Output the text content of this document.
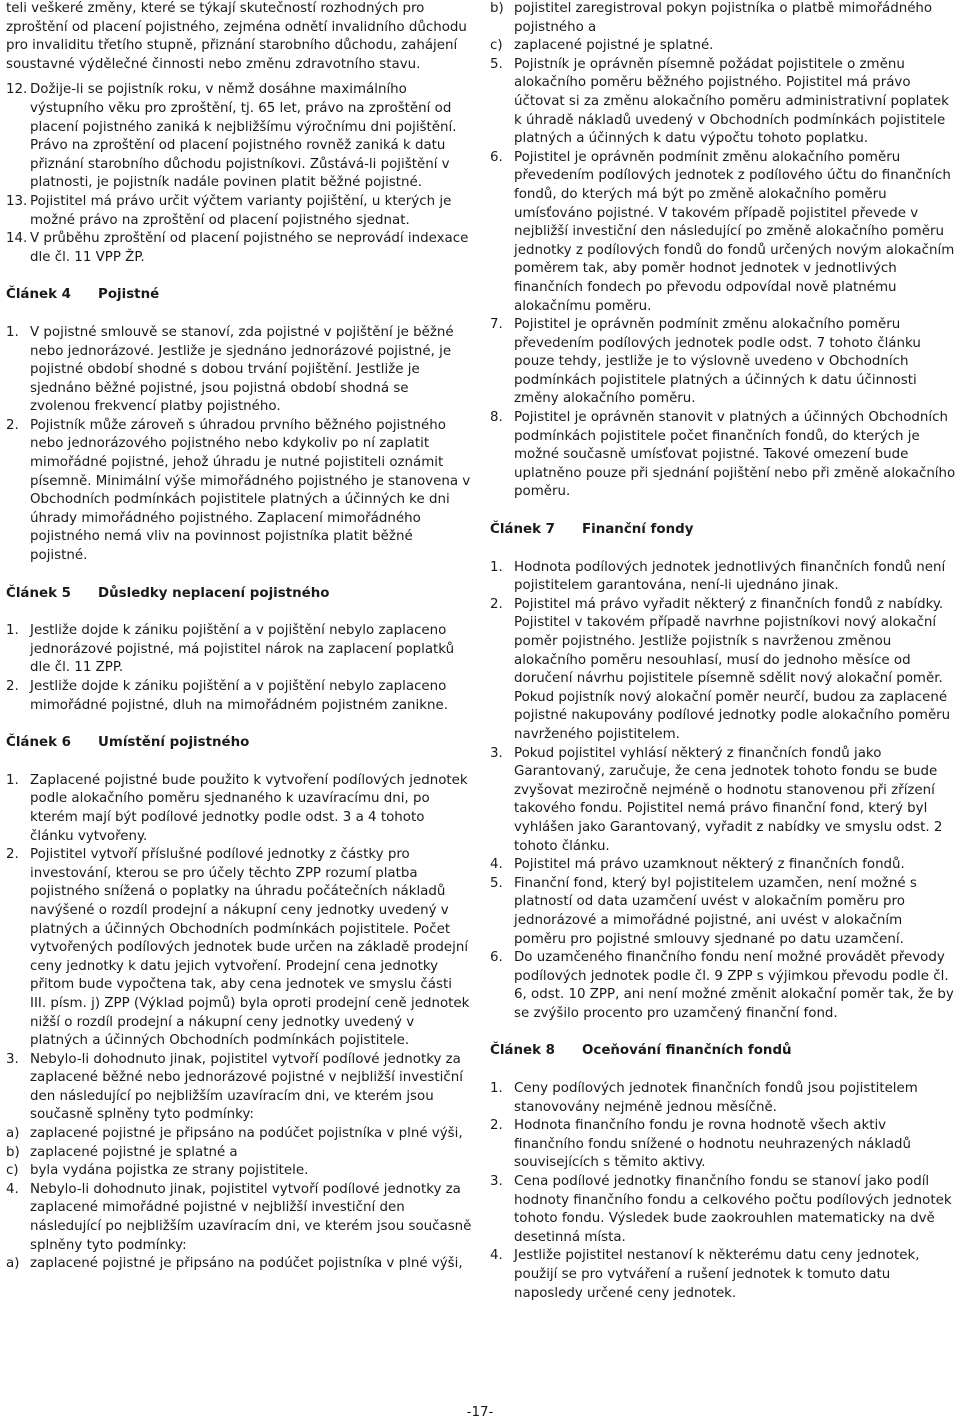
teli veškeré změny, které se týkají skutečností rozhodných pro zproštění od placení pojistného, zejména odnětí invalidního důchodu pro invaliditu třetího stupně, přiznání starobního důchodu, zahájení soustavné výdělečné činnosti nebo změnu zdravotního stavu.

12. Dožije-li se pojistník roku, v němž dosáhne maximálního výstupního věku pro zproštění, tj. 65 let, právo na zproštění od placení pojistného zaniká k nejbližšímu výročnímu dni pojištění. Právo na zproštění od placení pojistného rovněž zaniká k datu přiznání starobního důchodu pojistníkovi. Zůstává-li pojištění v platnosti, je pojistník nadále povinen platit běžné pojistné.
13. Pojistitel má právo určit výčtem varianty pojištění, u kterých je možné právo na zproštění od placení pojistného sjednat.
14. V průběhu zproštění od placení pojistného se neprovádí indexace dle čl. 11 VPP ŽP.
Článek 4	Pojistné
1. V pojistné smlouvě se stanoví, zda pojistné v pojištění je běžné nebo jednorázové. Jestliže je sjednáno jednorázové pojistné, je pojistné období shodné s dobou trvání pojištění. Jestliže je sjednáno běžné pojistné, jsou pojistná období shodná se zvolenou frekvencí platby pojistného.
2. Pojistník může zároveň s úhradou prvního běžného pojistného nebo jednorázového pojistného nebo kdykoliv po ní zaplatit mimořádné pojistné, jehož úhradu je nutné pojistiteli oznámit písemně. Minimální výše mimořádného pojistného je stanovena v Obchodních podmínkách pojistitele platných a účinných ke dni úhrady mimořádného pojistného. Zaplacení mimořádného pojistného nemá vliv na povinnost pojistníka platit běžné pojistné.
Článek 5	Důsledky neplacení pojistného
1. Jestliže dojde k zániku pojištění a v pojištění nebylo zaplaceno jednorázové pojistné, má pojistitel nárok na zaplacení poplatků dle čl. 11 ZPP.
2. Jestliže dojde k zániku pojištění a v pojištění nebylo zaplaceno mimořádné pojistné, dluh na mimořádném pojistném zanikne.
Článek 6	Umístění pojistného
1. Zaplacené pojistné bude použito k vytvoření podílových jednotek podle alokačního poměru sjednaného k uzavíracímu dni, po kterém mají být podílové jednotky podle odst. 3 a 4 tohoto článku vytvořeny.
2. Pojistitel vytvoří příslušné podílové jednotky z částky pro investování, kterou se pro účely těchto ZPP rozumí platba pojistného snížená o poplatky na úhradu počátečních nákladů navýšené o rozdíl prodejní a nákupní ceny jednotky uvedený v platných a účinných Obchodních podmínkách pojistitele. Počet vytvořených podílových jednotek bude určen na základě prodejní ceny jednotky k datu jejich vytvoření. Prodejní cena jednotky přitom bude vypočtena tak, aby cena jednotek ve smyslu části III. písm. j) ZPP (Výklad pojmů) byla oproti prodejní ceně jednotek nižší o rozdíl prodejní a nákupní ceny jednotky uvedený v platných a účinných Obchodních podmínkách pojistitele.
3. Nebylo-li dohodnuto jinak, pojistitel vytvoří podílové jednotky za zaplacené běžné nebo jednorázové pojistné v nejbližší investiční den následující po nejbližším uzavíracím dni, ve kterém jsou současně splněny tyto podmínky:
a) zaplacené pojistné je připsáno na podúčet pojistníka v plné výši,
b) zaplacené pojistné je splatné a
c) byla vydána pojistka ze strany pojistitele.
4. Nebylo-li dohodnuto jinak, pojistitel vytvoří podílové jednotky za zaplacené mimořádné pojistné v nejbližší investiční den následující po nejbližším uzavíracím dni, ve kterém jsou současně splněny tyto podmínky:
a) zaplacené pojistné je připsáno na podúčet pojistníka v plné výši,
b) pojistitel zaregistroval pokyn pojistníka o platbě mimořádného pojistného a
c) zaplacené pojistné je splatné.
5. Pojistník je oprávněn písemně požádat pojistitele o změnu alokačního poměru běžného pojistného. Pojistitel má právo účtovat si za změnu alokačního poměru administrativní poplatek k úhradě nákladů uvedený v Obchodních podmínkách pojistitele platných a účinných k datu výpočtu tohoto poplatku.
6. Pojistitel je oprávněn podmínit změnu alokačního poměru převedením podílových jednotek z podílového účtu do finančních fondů, do kterých má být po změně alokačního poměru umísťováno pojistné. V takovém případě pojistitel převede v nejbližší investiční den následující po změně alokačního poměru jednotky z podílových fondů do fondů určených novým alokačním poměrem tak, aby poměr hodnot jednotek v jednotlivých finančních fondech po převodu odpovídal nově platnému alokačnímu poměru.
7. Pojistitel je oprávněn podmínit změnu alokačního poměru převedením podílových jednotek podle odst. 7 tohoto článku pouze tehdy, jestliže je to výslovně uvedeno v Obchodních podmínkách pojistitele platných a účinných k datu účinnosti změny alokačního poměru.
8. Pojistitel je oprávněn stanovit v platných a účinných Obchodních podmínkách pojistitele počet finančních fondů, do kterých je možné současně umísťovat pojistné. Takové omezení bude uplatněno pouze při sjednání pojištění nebo při změně alokačního poměru.
Článek 7	Finanční fondy
1. Hodnota podílových jednotek jednotlivých finančních fondů není pojistitelem garantována, není-li ujednáno jinak.
2. Pojistitel má právo vyřadit některý z finančních fondů z nabídky. Pojistitel v takovém případě navrhne pojistníkovi nový alokační poměr pojistného. Jestliže pojistník s navrženou změnou alokačního poměru nesouhlasí, musí do jednoho měsíce od doručení návrhu pojistitele písemně sdělit nový alokační poměr. Pokud pojistník nový alokační poměr neurčí, budou za zaplacené pojistné nakupovány podílové jednotky podle alokačního poměru navrženého pojistitelem.
3. Pokud pojistitel vyhlásí některý z finančních fondů jako Garantovaný, zaručuje, že cena jednotek tohoto fondu se bude zvyšovat meziročně nejméně o hodnotu stanovenou při zřízení takového fondu. Pojistitel nemá právo finanční fond, který byl vyhlášen jako Garantovaný, vyřadit z nabídky ve smyslu odst. 2 tohoto článku.
4. Pojistitel má právo uzamknout některý z finančních fondů.
5. Finanční fond, který byl pojistitelem uzamčen, není možné s platností od data uzamčení uvést v alokačním poměru pro jednorázové a mimořádné pojistné, ani uvést v alokačním poměru pro pojistné smlouvy sjednané po datu uzamčení.
6. Do uzamčeného finančního fondu není možné provádět převody podílových jednotek podle čl. 9 ZPP s výjimkou převodu podle čl. 6, odst. 10 ZPP, ani není možné změnit alokační poměr tak, že by se zvýšilo procento pro uzamčený finanční fond.
Článek 8	Oceňování finančních fondů
1. Ceny podílových jednotek finančních fondů jsou pojistitelem stanovovány nejméně jednou měsíčně.
2. Hodnota finančního fondu je rovna hodnotě všech aktiv finančního fondu snížené o hodnotu neuhrazených nákladů souvisejících s těmito aktivy.
3. Cena podílové jednotky finančního fondu se stanoví jako podíl hodnoty finančního fondu a celkového počtu podílových jednotek tohoto fondu. Výsledek bude zaokrouhlen matematicky na dvě desetinná místa.
4. Jestliže pojistitel nestanoví k některému datu ceny jednotek, použijí se pro vytváření a rušení jednotek k tomuto datu naposledy určené ceny jednotek.
-17-
